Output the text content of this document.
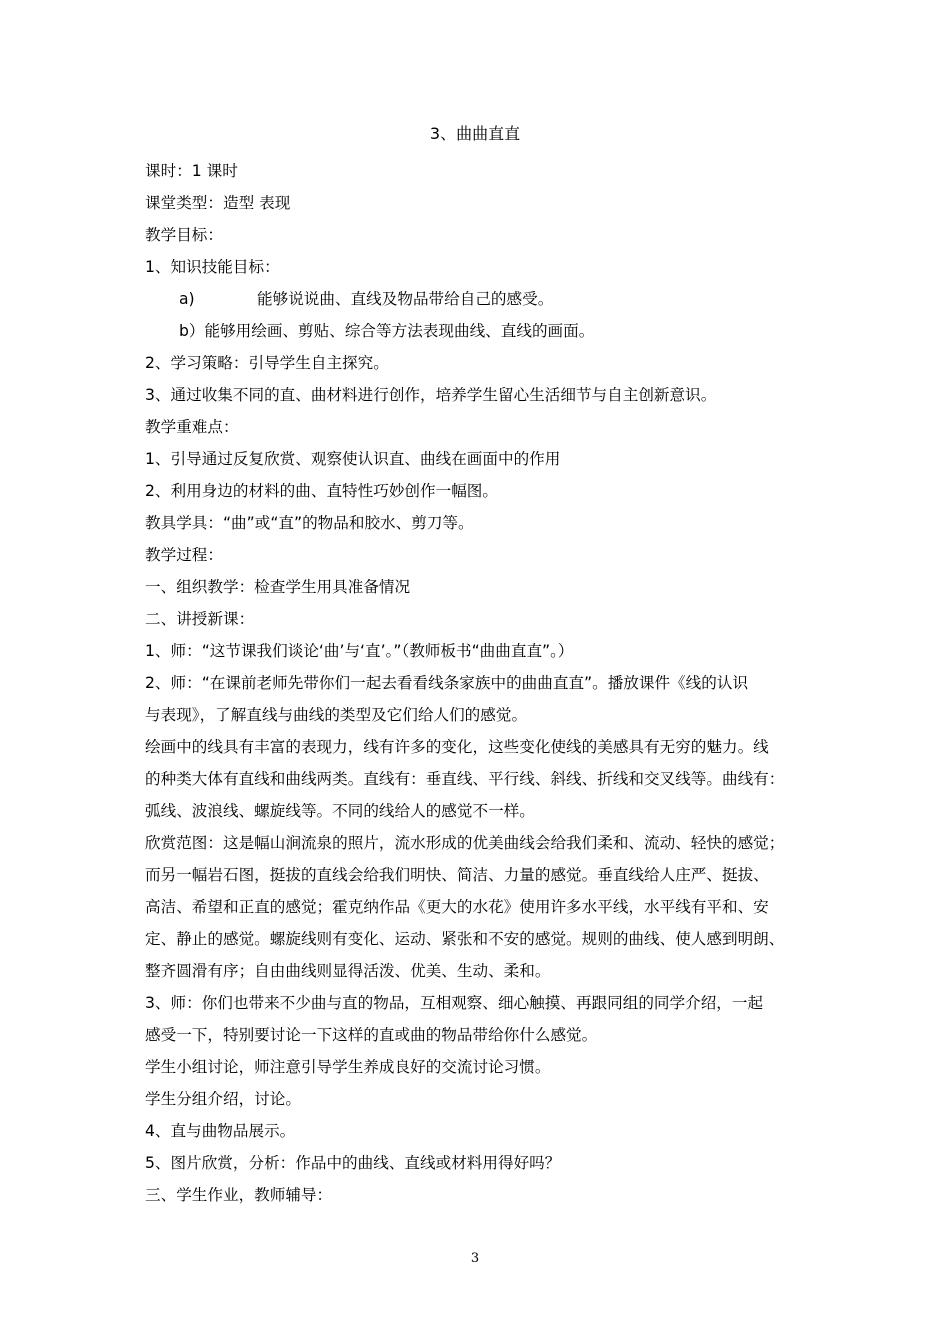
3、曲曲直直
课时：1 课时
课堂类型：造型 表现
教学目标：
1、知识技能目标：
a)	能够说说曲、直线及物品带给自己的感受。
b）能够用绘画、剪贴、综合等方法表现曲线、直线的画面。
2、学习策略：引导学生自主探究。
3、通过收集不同的直、曲材料进行创作，培养学生留心生活细节与自主创新意识。
教学重难点：
1、引导通过反复欣赏、观察使认识直、曲线在画面中的作用
2、利用身边的材料的曲、直特性巧妙创作一幅图。
教具学具：“曲”或“直”的物品和胶水、剪刀等。
教学过程：
一、组织教学：检查学生用具准备情况
二、讲授新课：
1、师：“这节课我们谈论‘曲’与‘直’。”（教师板书“曲曲直直”。）
2、师：“在课前老师先带你们一起去看看线条家族中的曲曲直直”。播放课件《线的认识
与表现》，了解直线与曲线的类型及它们给人们的感觉。
绘画中的线具有丰富的表现力，线有许多的变化，这些变化使线的美感具有无穷的魅力。线
的种类大体有直线和曲线两类。直线有：垂直线、平行线、斜线、折线和交叉线等。曲线有：
弧线、波浪线、螺旋线等。不同的线给人的感觉不一样。
欣赏范图：这是幅山涧流泉的照片，流水形成的优美曲线会给我们柔和、流动、轻快的感觉；
而另一幅岩石图，挺拔的直线会给我们明快、简洁、力量的感觉。垂直线给人庄严、挺拔、
高洁、希望和正直的感觉；霍克纳作品《更大的水花》使用许多水平线，水平线有平和、安
定、静止的感觉。螺旋线则有变化、运动、紧张和不安的感觉。规则的曲线、使人感到明朗、
整齐圆滑有序；自由曲线则显得活泼、优美、生动、柔和。
3、师：你们也带来不少曲与直的物品，互相观察、细心触摸、再跟同组的同学介绍，一起
感受一下，特别要讨论一下这样的直或曲的物品带给你什么感觉。
学生小组讨论，师注意引导学生养成良好的交流讨论习惯。
学生分组介绍，讨论。
4、直与曲物品展示。
5、图片欣赏，分析：作品中的曲线、直线或材料用得好吗？
三、学生作业，教师辅导：
3
